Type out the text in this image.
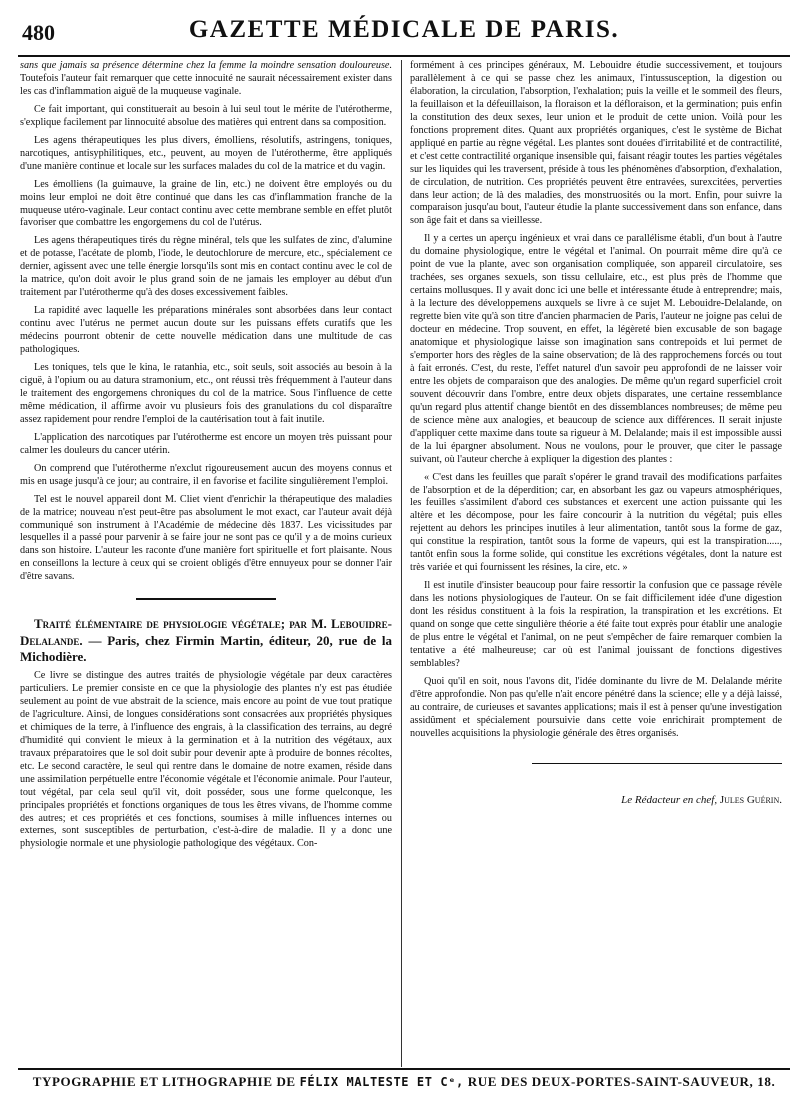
480	GAZETTE MÉDICALE DE PARIS.

sans que jamais sa présence détermine chez la femme la moindre sensation douloureuse. Toutefois l'auteur fait remarquer que cette innocuité ne saurait nécessairement exister dans les cas d'inflammation aiguë de la muqueuse vaginale.

Ce fait important, qui constituerait au besoin à lui seul tout le mérite de l'utérotherme, s'explique facilement par linnocuité absolue des matières qui entrent dans sa composition.

Les agens thérapeutiques les plus divers, émolliens, résolutifs, astringens, toniques, narcotiques, antisyphilitiques, etc., peuvent, au moyen de l'utérotherme, être appliqués d'une manière continue et locale sur les surfaces malades du col de la matrice et du vagin.

Les émolliens (la guimauve, la graine de lin, etc.) ne doivent être employés ou du moins leur emploi ne doit être continué que dans les cas d'inflammation franche de la muqueuse utéro-vaginale. Leur contact continu avec cette membrane semble en effet plutôt favoriser que combattre les engorgemens du col de l'utérus.

Les agens thérapeutiques tirés du règne minéral, tels que les sulfates de zinc, d'alumine et de potasse, l'acétate de plomb, l'iode, le deutochlorure de mercure, etc., spécialement ce dernier, agissent avec une telle énergie lorsqu'ils sont mis en contact continu avec le col de la matrice, qu'on doit avoir le plus grand soin de ne jamais les employer au début d'un traitement par l'utérotherme qu'à des doses excessivement faibles.

La rapidité avec laquelle les préparations minérales sont absorbées dans leur contact continu avec l'utérus ne permet aucun doute sur les puissans effets curatifs que les médecins pourront obtenir de cette nouvelle médication dans une multitude de cas pathologiques.

Les toniques, tels que le kina, le ratanhia, etc., soit seuls, soit associés au besoin à la ciguë, à l'opium ou au datura stramonium, etc., ont réussi très fréquemment à l'auteur dans le traitement des engorgemens chroniques du col de la matrice. Sous l'influence de cette même médication, il affirme avoir vu plusieurs fois des granulations du col disparaître assez rapidement pour rendre l'emploi de la cautérisation tout à fait inutile.

L'application des narcotiques par l'utérotherme est encore un moyen très puissant pour calmer les douleurs du cancer utérin.

On comprend que l'utérotherme n'exclut rigoureusement aucun des moyens connus et mis en usage jusqu'à ce jour; au contraire, il en favorise et facilite singulièrement l'emploi.

Tel est le nouvel appareil dont M. Cliet vient d'enrichir la thérapeutique des maladies de la matrice; nouveau n'est peut-être pas absolument le mot exact, car l'auteur avait déjà communiqué son instrument à l'Académie de médecine dès 1837. Les vicissitudes par lesquelles il a passé pour parvenir à se faire jour ne sont pas ce qu'il y a de moins curieux dans son histoire. L'auteur les raconte d'une manière fort spirituelle et fort plaisante. Nous en conseillons la lecture à ceux qui se croient obligés d'être ennuyeux pour se donner l'air d'être savans.

Traité élémentaire de physiologie végétale; par M. Lebouidre-Delalande. — Paris, chez Firmin Martin, éditeur, 20, rue de la Michodière.

Ce livre se distingue des autres traités de physiologie végétale par deux caractères particuliers. Le premier consiste en ce que la physiologie des plantes n'y est pas étudiée seulement au point de vue abstrait de la science, mais encore au point de vue tout pratique de l'agriculture. Ainsi, de longues considérations sont consacrées aux propriétés physiques et chimiques de la terre, à l'influence des engrais, à la classification des terrains, au degré d'humidité qui convient le mieux à la germination et à la nutrition des végétaux, aux travaux préparatoires que le sol doit subir pour devenir apte à produire de bonnes récoltes, etc. Le second caractère, le seul qui rentre dans le domaine de notre examen, réside dans une assimilation perpétuelle entre l'économie végétale et l'économie animale. Pour l'auteur, tout végétal, par cela seul qu'il vit, doit posséder, sous une forme quelconque, les principales propriétés et fonctions organiques de tous les êtres vivans, de l'homme comme des autres; et ces propriétés et ces fonctions, soumises à mille influences internes ou externes, sont susceptibles de perturbation, c'est-à-dire de maladie. Il y a donc une physiologie normale et une physiologie pathologique des végétaux. Con-

formément à ces principes généraux, M. Lebouidre étudie successivement, et toujours parallèlement à ce qui se passe chez les animaux, l'intussusception, la digestion ou élaboration, la circulation, l'absorption, l'exhalation; puis la veille et le sommeil des fleurs, la feuillaison et la défeuillaison, la floraison et la défloraison, et la germination; puis enfin la constitution des deux sexes, leur union et le produit de cette union. Voilà pour les fonctions proprement dites. Quant aux propriétés organiques, c'est le système de Bichat appliqué en partie au règne végétal. Les plantes sont douées d'irritabilité et de contractilité, et c'est cette contractilité organique insensible qui, faisant réagir toutes les parties végétales sur les liquides qui les traversent, préside à tous les phénomènes d'absorption, d'exhalation, de circulation, de nutrition. Ces propriétés peuvent être entravées, surexcitées, perverties dans leur action; de là des maladies, des monstruosités ou la mort. Enfin, pour suivre la comparaison jusqu'au bout, l'auteur étudie la plante successivement dans son enfance, dans son âge fait et dans sa vieillesse.

Il y a certes un aperçu ingénieux et vrai dans ce parallélisme établi, d'un bout à l'autre du domaine physiologique, entre le végétal et l'animal. On pourrait même dire qu'à ce point de vue la plante, avec son organisation compliquée, son appareil circulatoire, ses trachées, ses organes sexuels, son tissu cellulaire, etc., est plus près de l'homme que certains mollusques. Il y avait donc ici une belle et intéressante étude à entreprendre; mais, à la lecture des développemens auxquels se livre à ce sujet M. Lebouidre-Delalande, on regrette bien vite qu'à son titre d'ancien pharmacien de Paris, l'auteur ne joigne pas celui de docteur en médecine. Trop souvent, en effet, la légèreté bien excusable de son bagage anatomique et physiologique laisse son imagination sans contrepoids et lui permet de s'emporter hors des règles de la saine observation; de là des rapprochemens forcés ou tout à fait erronés. C'est, du reste, l'effet naturel d'un savoir peu approfondi de ne laisser voir entre les objets de comparaison que des analogies. De même qu'un regard superficiel croit souvent découvrir dans l'ombre, entre deux objets disparates, une certaine ressemblance qu'un regard plus attentif change bientôt en des dissemblances nombreuses; de même peu de science mène aux analogies, et beaucoup de science aux différences. Il serait injuste d'appliquer cette maxime dans toute sa rigueur à M. Delalande; mais il est impossible aussi de la lui épargner absolument. Nous ne voulons, pour le prouver, que citer le passage suivant, où l'auteur cherche à expliquer la digestion des plantes :

« C'est dans les feuilles que paraît s'opérer le grand travail des modifications parfaites de l'absorption et de la déperdition; car, en absorbant les gaz ou vapeurs atmosphériques, les feuilles s'assimilent d'abord ces substances et exercent une action puissante qui les altère et les décompose, pour les faire concourir à la nutrition du végétal; puis elles rejettent au dehors les principes inutiles à leur alimentation, tantôt sous la forme de gaz, qui constitue la respiration, tantôt sous la forme de vapeurs, qui est la transpiration....., tantôt enfin sous la forme solide, qui constitue les excrétions végétales, dont la nature est très variée et qui fournissent les résines, la cire, etc. »

Il est inutile d'insister beaucoup pour faire ressortir la confusion que ce passage révèle dans les notions physiologiques de l'auteur. On se fait difficilement idée d'une digestion dont les résidus constituent à la fois la respiration, la transpiration et les excrétions. Et quand on songe que cette singulière théorie a été faite tout exprès pour établir une analogie de plus entre le végétal et l'animal, on ne peut s'empêcher de faire remarquer combien la tentative a été malheureuse; car où est l'animal jouissant de fonctions digestives semblables?

Quoi qu'il en soit, nous l'avons dit, l'idée dominante du livre de M. Delalande mérite d'être approfondie. Non pas qu'elle n'ait encore pénétré dans la science; elle y a déjà laissé, au contraire, de curieuses et savantes applications; mais il est à penser qu'une investigation assidûment et spécialement poursuivie dans cette voie enrichirait promptement de nouvelles acquisitions la physiologie générale des êtres organisés.

Le Rédacteur en chef, Jules Guérin.
TYPOGRAPHIE ET LITHOGRAPHIE DE FÉLIX MALTESTE ET Cᵉ, RUE DES DEUX-PORTES-SAINT-SAUVEUR, 18.
